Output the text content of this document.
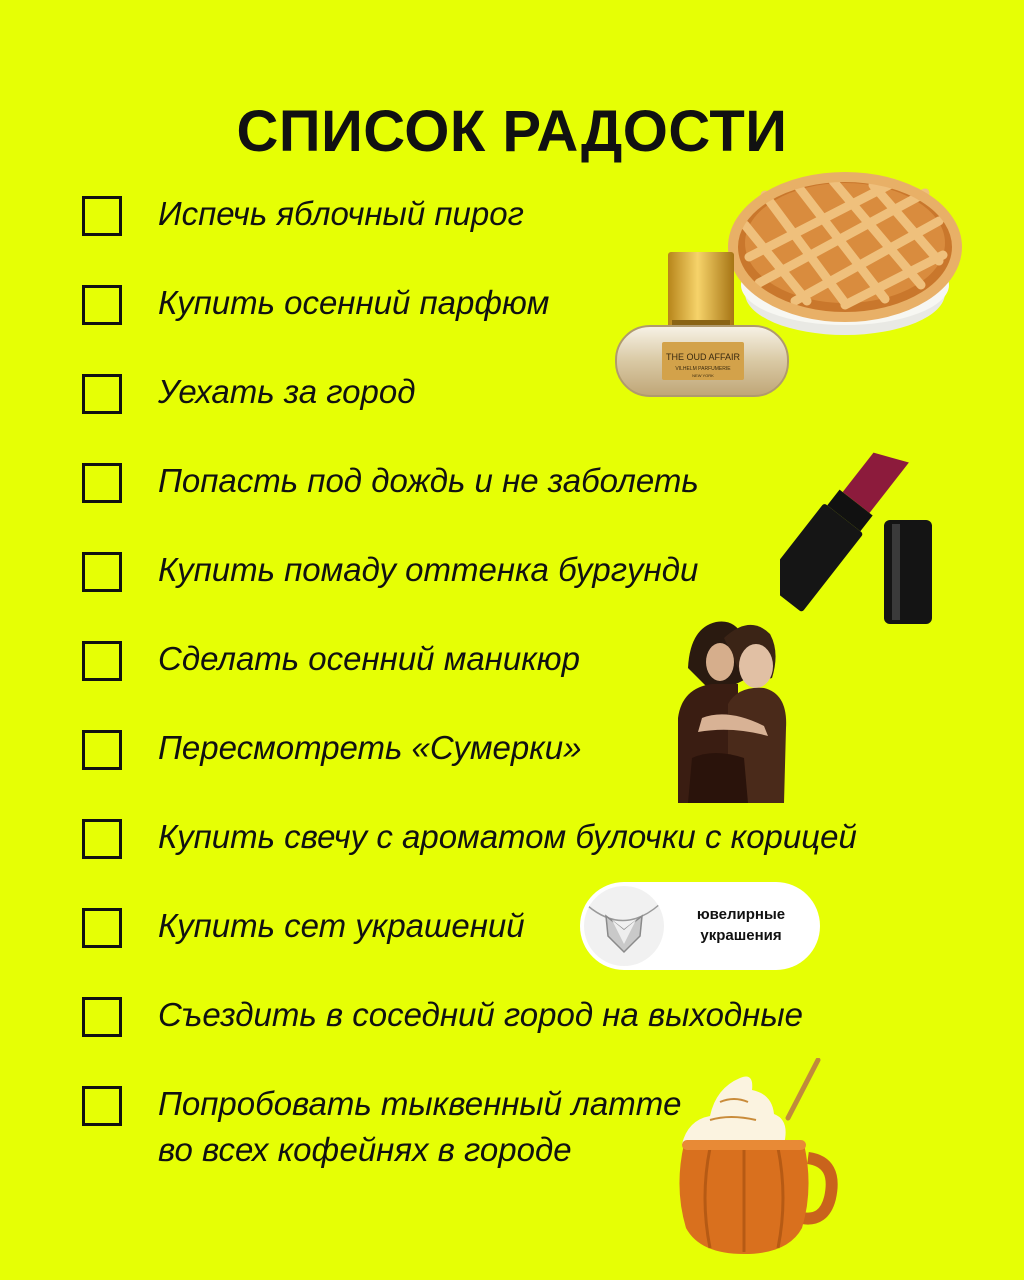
СПИСОК РАДОСТИ
Испечь яблочный пирог
Купить осенний парфюм
Уехать за город
Попасть под дождь и не заболеть
Купить помаду оттенка бургунди
Сделать осенний маникюр
Пересмотреть «Сумерки»
Купить свечу с ароматом булочки с корицей
Купить сет украшений
Съездить в соседний город на выходные
Попробовать тыквенный латте
во всех кофейнях в городе
THE OUD AFFAIR
VILHELM PARFUMERIE
NEW YORK
ювелирные
украшения
